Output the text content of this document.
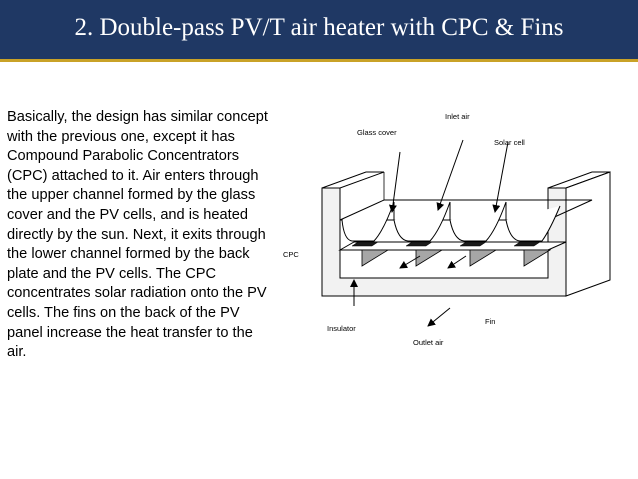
2. Double-pass PV/T air heater with CPC & Fins
Basically, the design has similar concept with the previous one, except it has Compound Parabolic Concentrators (CPC) attached to it. Air enters through the upper channel formed by the glass cover and the PV cells, and is heated directly by the sun. Next, it exits through the lower channel formed by the back plate and the PV cells. The CPC concentrates solar radiation onto the PV cells. The fins on the back of the PV panel increase the heat transfer to the air.
Inlet air
Glass cover
Solar cell
CPC
Fin
Insulator
Outlet air
